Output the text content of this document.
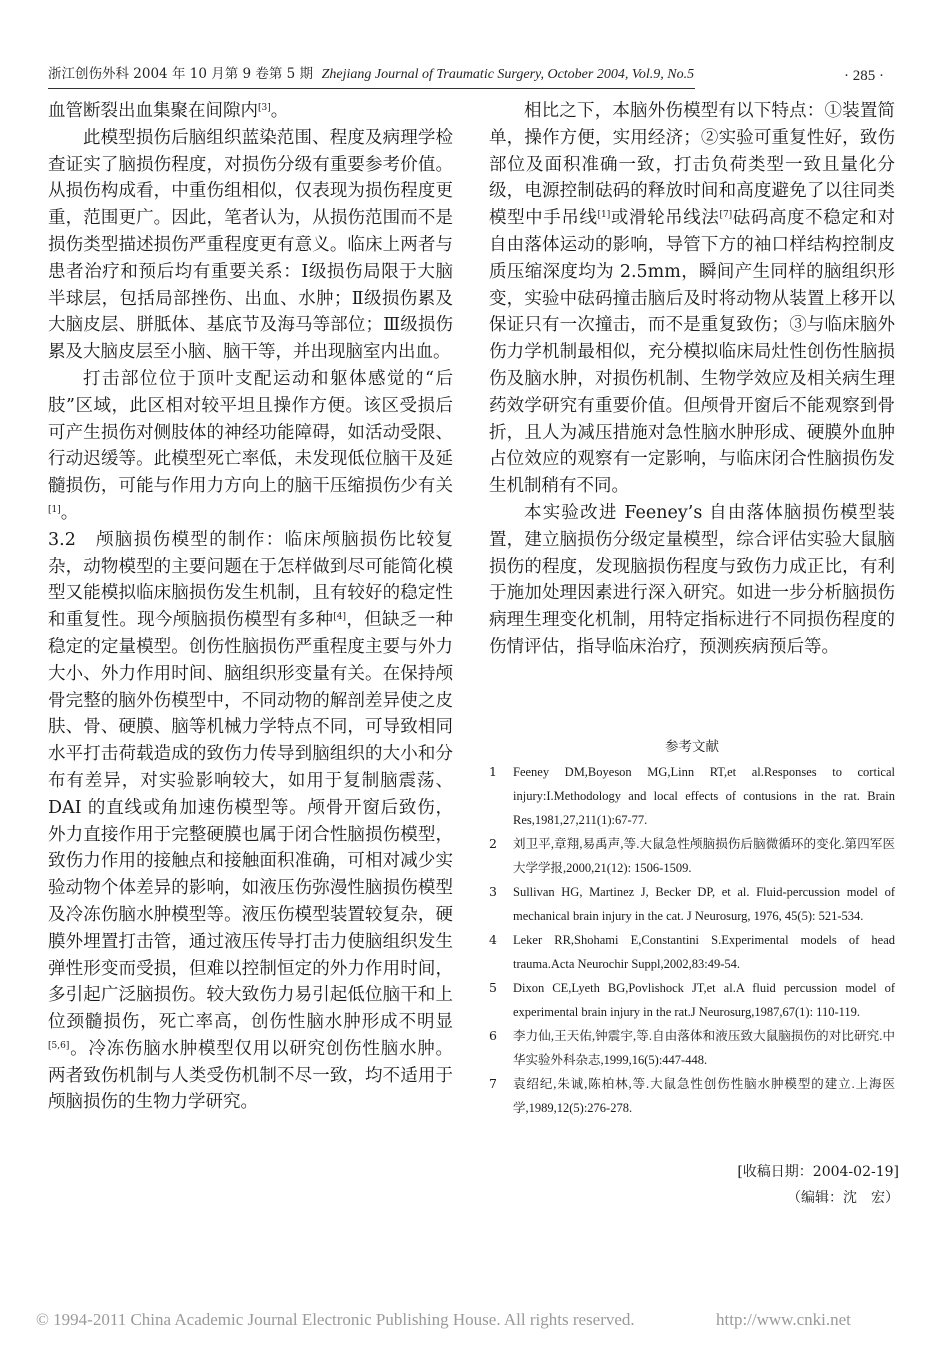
浙江创伤外科 2004 年 10 月第 9 卷第 5 期 Zhejiang Journal of Traumatic Surgery, October 2004, Vol.9, No.5	· 285 ·

血管断裂出血集聚在间隙内[3]。

此模型损伤后脑组织蓝染范围、程度及病理学检查证实了脑损伤程度，对损伤分级有重要参考价值。从损伤构成看，中重伤组相似，仅表现为损伤程度更重，范围更广。因此，笔者认为，从损伤范围而不是损伤类型描述损伤严重程度更有意义。临床上两者与患者治疗和预后均有重要关系：Ⅰ级损伤局限于大脑半球层，包括局部挫伤、出血、水肿；Ⅱ级损伤累及大脑皮层、胼胝体、基底节及海马等部位；Ⅲ级损伤累及大脑皮层至小脑、脑干等，并出现脑室内出血。

打击部位位于顶叶支配运动和躯体感觉的“后肢”区域，此区相对较平坦且操作方便。该区受损后可产生损伤对侧肢体的神经功能障碍，如活动受限、行动迟缓等。此模型死亡率低，未发现低位脑干及延髓损伤，可能与作用力方向上的脑干压缩损伤少有关[1]。

3.2　颅脑损伤模型的制作：临床颅脑损伤比较复杂，动物模型的主要问题在于怎样做到尽可能简化模型又能模拟临床脑损伤发生机制，且有较好的稳定性和重复性。现今颅脑损伤模型有多种[4]，但缺乏一种稳定的定量模型。创伤性脑损伤严重程度主要与外力大小、外力作用时间、脑组织形变量有关。在保持颅骨完整的脑外伤模型中，不同动物的解剖差异使之皮肤、骨、硬膜、脑等机械力学特点不同，可导致相同水平打击荷载造成的致伤力传导到脑组织的大小和分布有差异，对实验影响较大，如用于复制脑震荡、DAI 的直线或角加速伤模型等。颅骨开窗后致伤，外力直接作用于完整硬膜也属于闭合性脑损伤模型，致伤力作用的接触点和接触面积准确，可相对减少实验动物个体差异的影响，如液压伤弥漫性脑损伤模型及冷冻伤脑水肿模型等。液压伤模型装置较复杂，硬膜外埋置打击管，通过液压传导打击力使脑组织发生弹性形变而受损，但难以控制恒定的外力作用时间，多引起广泛脑损伤。较大致伤力易引起低位脑干和上位颈髓损伤，死亡率高，创伤性脑水肿形成不明显[5,6]。冷冻伤脑水肿模型仅用以研究创伤性脑水肿。两者致伤机制与人类受伤机制不尽一致，均不适用于颅脑损伤的生物力学研究。

相比之下，本脑外伤模型有以下特点：①装置简单，操作方便，实用经济；②实验可重复性好，致伤部位及面积准确一致，打击负荷类型一致且量化分级，电源控制砝码的释放时间和高度避免了以往同类模型中手吊线[1]或滑轮吊线法[7]砝码高度不稳定和对自由落体运动的影响，导管下方的袖口样结构控制皮质压缩深度均为 2.5mm，瞬间产生同样的脑组织形变，实验中砝码撞击脑后及时将动物从装置上移开以保证只有一次撞击，而不是重复致伤；③与临床脑外伤力学机制最相似，充分模拟临床局灶性创伤性脑损伤及脑水肿，对损伤机制、生物学效应及相关病生理药效学研究有重要价值。但颅骨开窗后不能观察到骨折，且人为减压措施对急性脑水肿形成、硬膜外血肿占位效应的观察有一定影响，与临床闭合性脑损伤发生机制稍有不同。

本实验改进 Feeney’s 自由落体脑损伤模型装置，建立脑损伤分级定量模型，综合评估实验大鼠脑损伤的程度，发现脑损伤程度与致伤力成正比，有利于施加处理因素进行深入研究。如进一步分析脑损伤病理生理变化机制，用特定指标进行不同损伤程度的伤情评估，指导临床治疗，预测疾病预后等。

参考文献
1 Feeney DM,Boyeson MG,Linn RT,et al.Responses to cortical injury:I.Methodology and local effects of contusions in the rat. Brain Res,1981,27,211(1):67-77.
2 刘卫平,章翔,易禹声,等.大鼠急性颅脑损伤后脑微循环的变化.第四军医大学学报,2000,21(12): 1506-1509.
3 Sullivan HG, Martinez J, Becker DP, et al. Fluid-percussion model of mechanical brain injury in the cat. J Neurosurg, 1976, 45(5): 521-534.
4 Leker RR,Shohami E,Constantini S.Experimental models of head trauma.Acta Neurochir Suppl,2002,83:49-54.
5 Dixon CE,Lyeth BG,Povlishock JT,et al.A fluid percussion model of experimental brain injury in the rat.J Neurosurg,1987,67(1): 110-119.
6 李力仙,王天佑,钟震宇,等.自由落体和液压致大鼠脑损伤的对比研究.中华实验外科杂志,1999,16(5):447-448.
7 袁绍纪,朱诚,陈柏林,等.大鼠急性创伤性脑水肿模型的建立.上海医学,1989,12(5):276-278.
[收稿日期：2004-02-19]
（编辑：沈　宏）
© 1994-2011 China Academic Journal Electronic Publishing House. All rights reserved.	http://www.cnki.net
